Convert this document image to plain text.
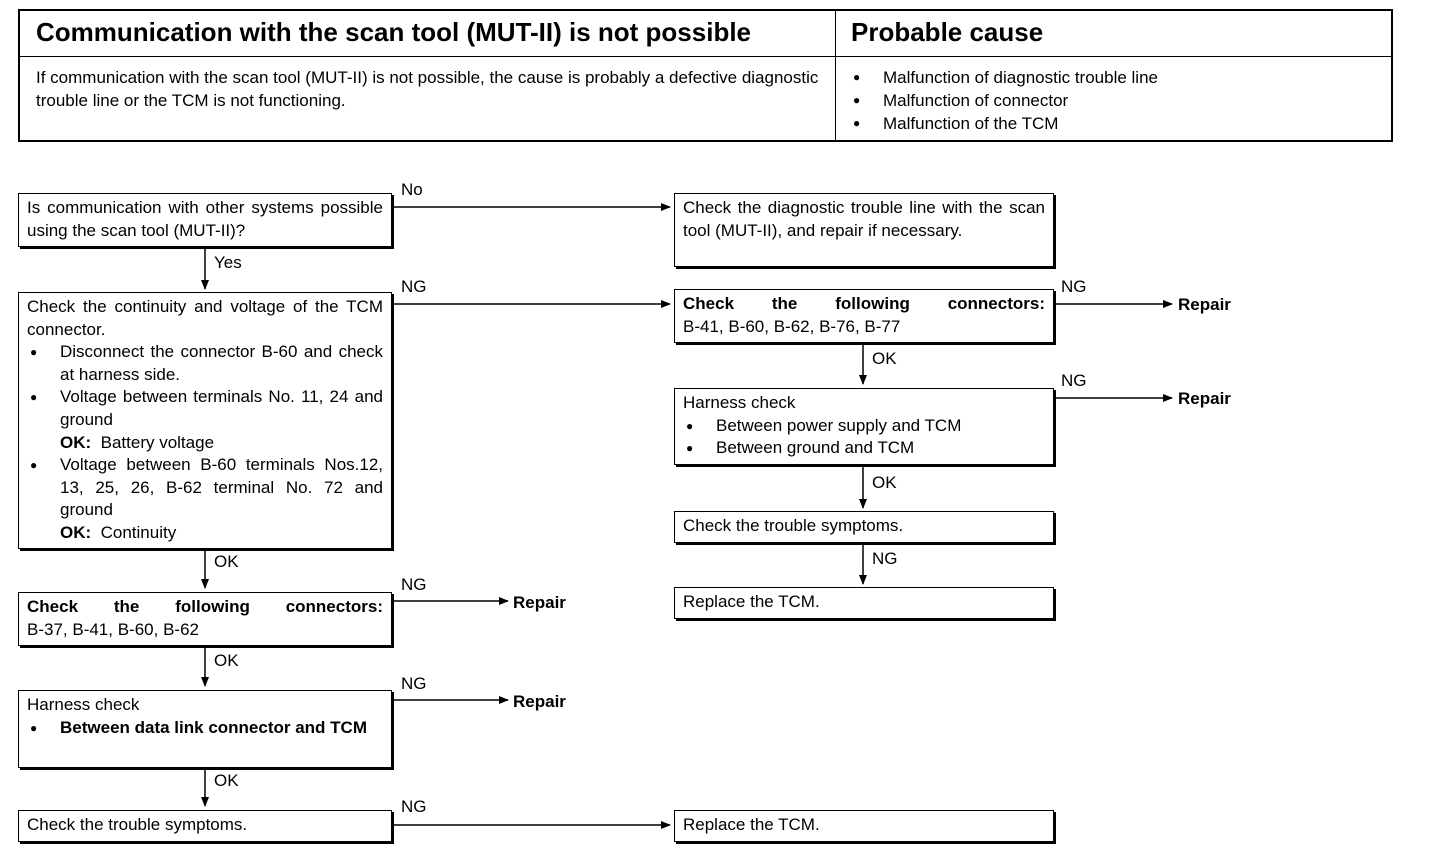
Communication with the scan tool (MUT-II) is not possible	Probable cause
If communication with the scan tool (MUT-II) is not possible, the cause is probably a defective diagnostic trouble line or the TCM is not functioning.
● Malfunction of diagnostic trouble line
● Malfunction of connector
● Malfunction of the TCM
Is communication with other systems possible using the scan tool (MUT-II)?
Check the continuity and voltage of the TCM connector.
● Disconnect the connector B-60 and check at harness side.
● Voltage between terminals No. 11, 24 and ground
OK: Battery voltage
● Voltage between B-60 terminals Nos.12, 13, 25, 26, B-62 terminal No. 72 and ground
OK: Continuity
Check the following connectors:
B-37, B-41, B-60, B-62
Harness check
● Between data link connector and TCM
Check the trouble symptoms.
Check the diagnostic trouble line with the scan tool (MUT-II), and repair if necessary.
Check the following connectors:
B-41, B-60, B-62, B-76, B-77
Harness check
● Between power supply and TCM
● Between ground and TCM
Check the trouble symptoms.
Replace the TCM.
Replace the TCM.
No
Yes
NG
OK
NG
OK
NG
OK
NG
NG
OK
NG
OK
NG
Repair
Repair
Repair
Repair
